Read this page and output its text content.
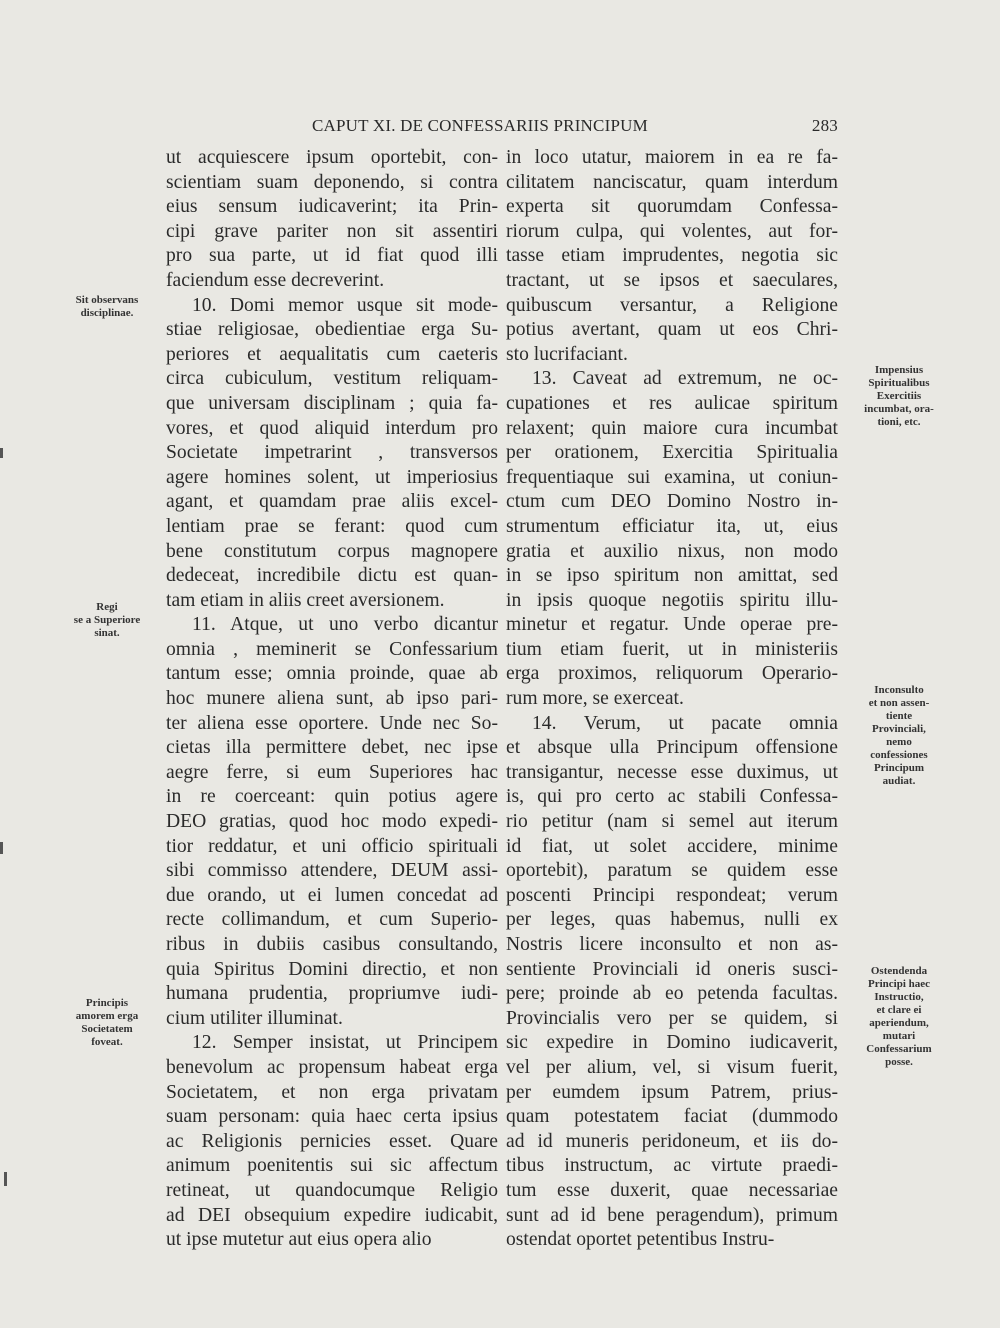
CAPUT XI. DE CONFESSARIIS PRINCIPUM	283
ut acquiescere ipsum oportebit, con-
scientiam suam deponendo, si contra
eius sensum iudicaverint; ita Prin-
cipi grave pariter non sit assentiri
pro sua parte, ut id fiat quod illi
faciendum esse decreverint.
10. Domi memor usque sit mode-
stiae religiosae, obedientiae erga Su-
periores et aequalitatis cum caeteris
circa cubiculum, vestitum reliquam-
que universam disciplinam ; quia fa-
vores, et quod aliquid interdum pro
Societate impetrarint , transversos
agere homines solent, ut imperiosius
agant, et quamdam prae aliis excel-
lentiam prae se ferant: quod cum
bene constitutum corpus magnopere
dedeceat, incredibile dictu est quan-
tam etiam in aliis creet aversionem.
11. Atque, ut uno verbo dicantur
omnia , meminerit se Confessarium
tantum esse; omnia proinde, quae ab
hoc munere aliena sunt, ab ipso pari-
ter aliena esse oportere. Unde nec So-
cietas illa permittere debet, nec ipse
aegre ferre, si eum Superiores hac
in re coerceant: quin potius agere
DEO gratias, quod hoc modo expedi-
tior reddatur, et uni officio spirituali
sibi commisso attendere, DEUM assi-
due orando, ut ei lumen concedat ad
recte collimandum, et cum Superio-
ribus in dubiis casibus consultando,
quia Spiritus Domini directio, et non
humana prudentia, propriumve iudi-
cium utiliter illuminat.
12. Semper insistat, ut Principem
benevolum ac propensum habeat erga
Societatem, et non erga privatam
suam personam: quia haec certa ipsius
ac Religionis pernicies esset. Quare
animum poenitentis sui sic affectum
retineat, ut quandocumque Religio
ad DEI obsequium expedire iudicabit,
ut ipse mutetur aut eius opera alio
in loco utatur, maiorem in ea re fa-
cilitatem nanciscatur, quam interdum
experta sit quorumdam Confessa-
riorum culpa, qui volentes, aut for-
tasse etiam imprudentes, negotia sic
tractant, ut se ipsos et saeculares,
quibuscum versantur, a Religione
potius avertant, quam ut eos Chri-
sto lucrifaciant.
13. Caveat ad extremum, ne oc-
cupationes et res aulicae spiritum
relaxent; quin maiore cura incumbat
per orationem, Exercitia Spiritualia
frequentiaque sui examina, ut coniun-
ctum cum DEO Domino Nostro in-
strumentum efficiatur ita, ut, eius
gratia et auxilio nixus, non modo
in se ipso spiritum non amittat, sed
in ipsis quoque negotiis spiritu illu-
minetur et regatur. Unde operae pre-
tium etiam fuerit, ut in ministeriis
erga proximos, reliquorum Operario-
rum more, se exerceat.
14. Verum, ut pacate omnia
et absque ulla Principum offensione
transigantur, necesse esse duximus, ut
is, qui pro certo ac stabili Confessa-
rio petitur (nam si semel aut iterum
id fiat, ut solet accidere, minime
oportebit), paratum se quidem esse
poscenti Principi respondeat; verum
per leges, quas habemus, nulli ex
Nostris licere inconsulto et non as-
sentiente Provinciali id oneris susci-
pere; proinde ab eo petenda facultas.
Provincialis vero per se quidem, si
sic expedire in Domino iudicaverit,
vel per alium, vel, si visum fuerit,
per eumdem ipsum Patrem, prius-
quam potestatem faciat (dummodo
ad id muneris peridoneum, et iis do-
tibus instructum, ac virtute praedi-
tum esse duxerit, quae necessariae
sunt ad id bene peragendum), primum
ostendat oportet petentibus Instru-
Sit observans
disciplinae.
Regi
se a Superiore
sinat.
Principis
amorem erga
Societatem
foveat.
Impensius
Spiritualibus
Exercitiis
incumbat, ora-
tioni, etc.
Inconsulto
et non assen-
tiente
Provinciali,
nemo
confessiones
Principum
audiat.
Ostendenda
Principi haec
Instructio,
et clare ei
aperiendum,
mutari
Confessarium
posse.
